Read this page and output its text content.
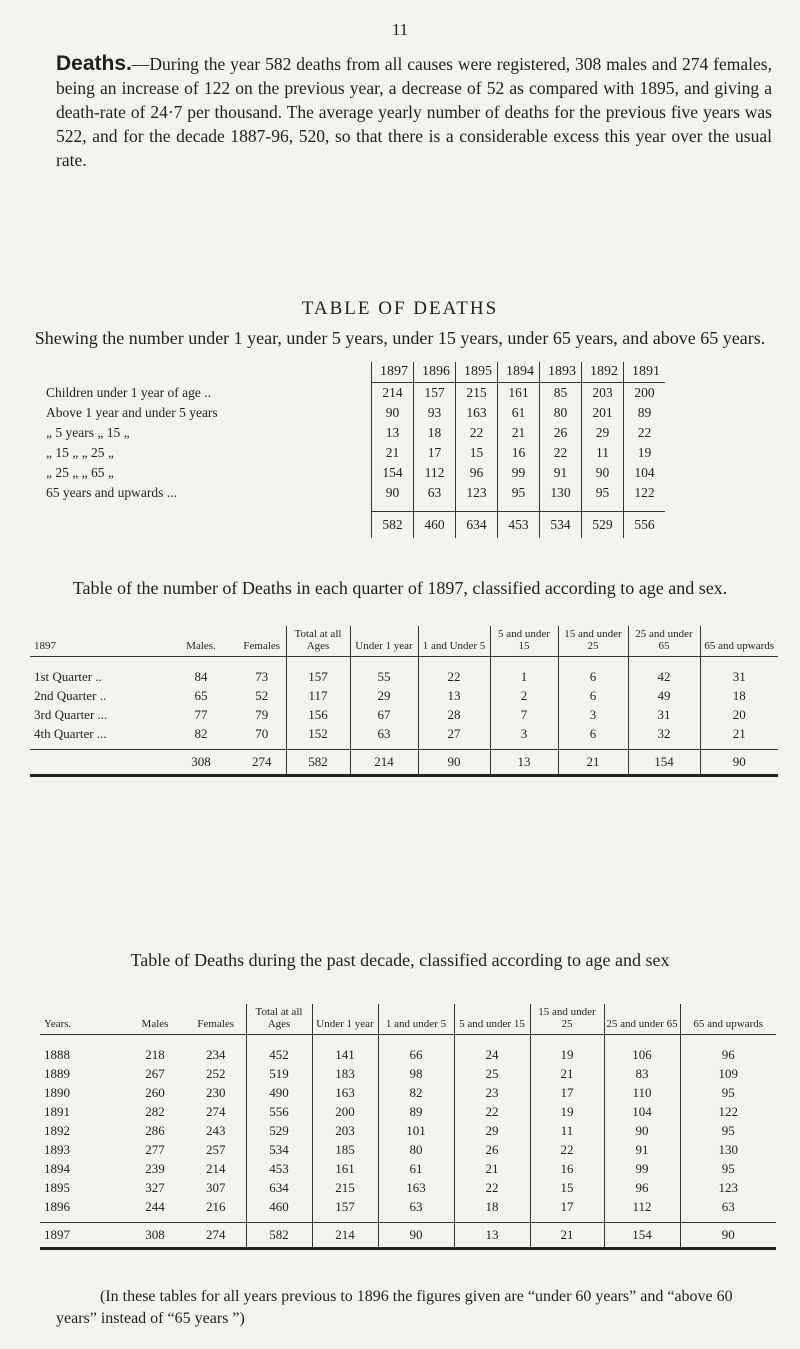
11

Deaths.—During the year 582 deaths from all causes were registered, 308 males and 274 females, being an increase of 122 on the previous year, a decrease of 52 as compared with 1895, and giving a death-rate of 24·7 per thousand. The average yearly number of deaths for the previous five years was 522, and for the decade 1887-96, 520, so that there is a considerable excess this year over the usual rate.

TABLE OF DEATHS

Shewing the number under 1 year, under 5 years, under 15 years, under 65 years, and above 65 years.

	1897	1896	1895	1894	1893	1892	1891	
Children under 1 year of age ..	214	157	215	161	85	203	200	
Above 1 year and under 5 years	90	93	163	61	80	201	89	
„ 5 years „ 15 „	13	18	22	21	26	29	22	
„ 15 „ „ 25 „	21	17	15	16	22	11	19	
„ 25 „ „ 65 „	154	112	96	99	91	90	104	
65 years and upwards ...	90	63	123	95	130	95	122	

	582	460	634	453	534	529	556	

Table of the number of Deaths in each quarter of 1897, classified according to age and sex.

1897	Males.	Females	Total at all Ages	Under 1 year	1 and Under 5	5 and under 15	15 and under 25	25 and under 65	65 and upwards
1st Quarter ..	84	73	157	55	22	1	6	42	31
2nd Quarter ..	65	52	117	29	13	2	6	49	18
3rd Quarter ...	77	79	156	67	28	7	3	31	20
4th Quarter ...	82	70	152	63	27	3	6	32	21

	308	274	582	214	90	13	21	154	90

Table of Deaths during the past decade, classified according to age and sex

Years.	Males	Females	Total at all Ages	Under 1 year	1 and under 5	5 and under 15	15 and under 25	25 and under 65	65 and upwards
1888	218	234	452	141	66	24	19	106	96
1889	267	252	519	183	98	25	21	83	109
1890	260	230	490	163	82	23	17	110	95
1891	282	274	556	200	89	22	19	104	122
1892	286	243	529	203	101	29	11	90	95
1893	277	257	534	185	80	26	22	91	130
1894	239	214	453	161	61	21	16	99	95
1895	327	307	634	215	163	22	15	96	123
1896	244	216	460	157	63	18	17	112	63

1897	308	274	582	214	90	13	21	154	90

(In these tables for all years previous to 1896 the figures given are “under 60 years” and “above 60 years” instead of “65 years ”)
